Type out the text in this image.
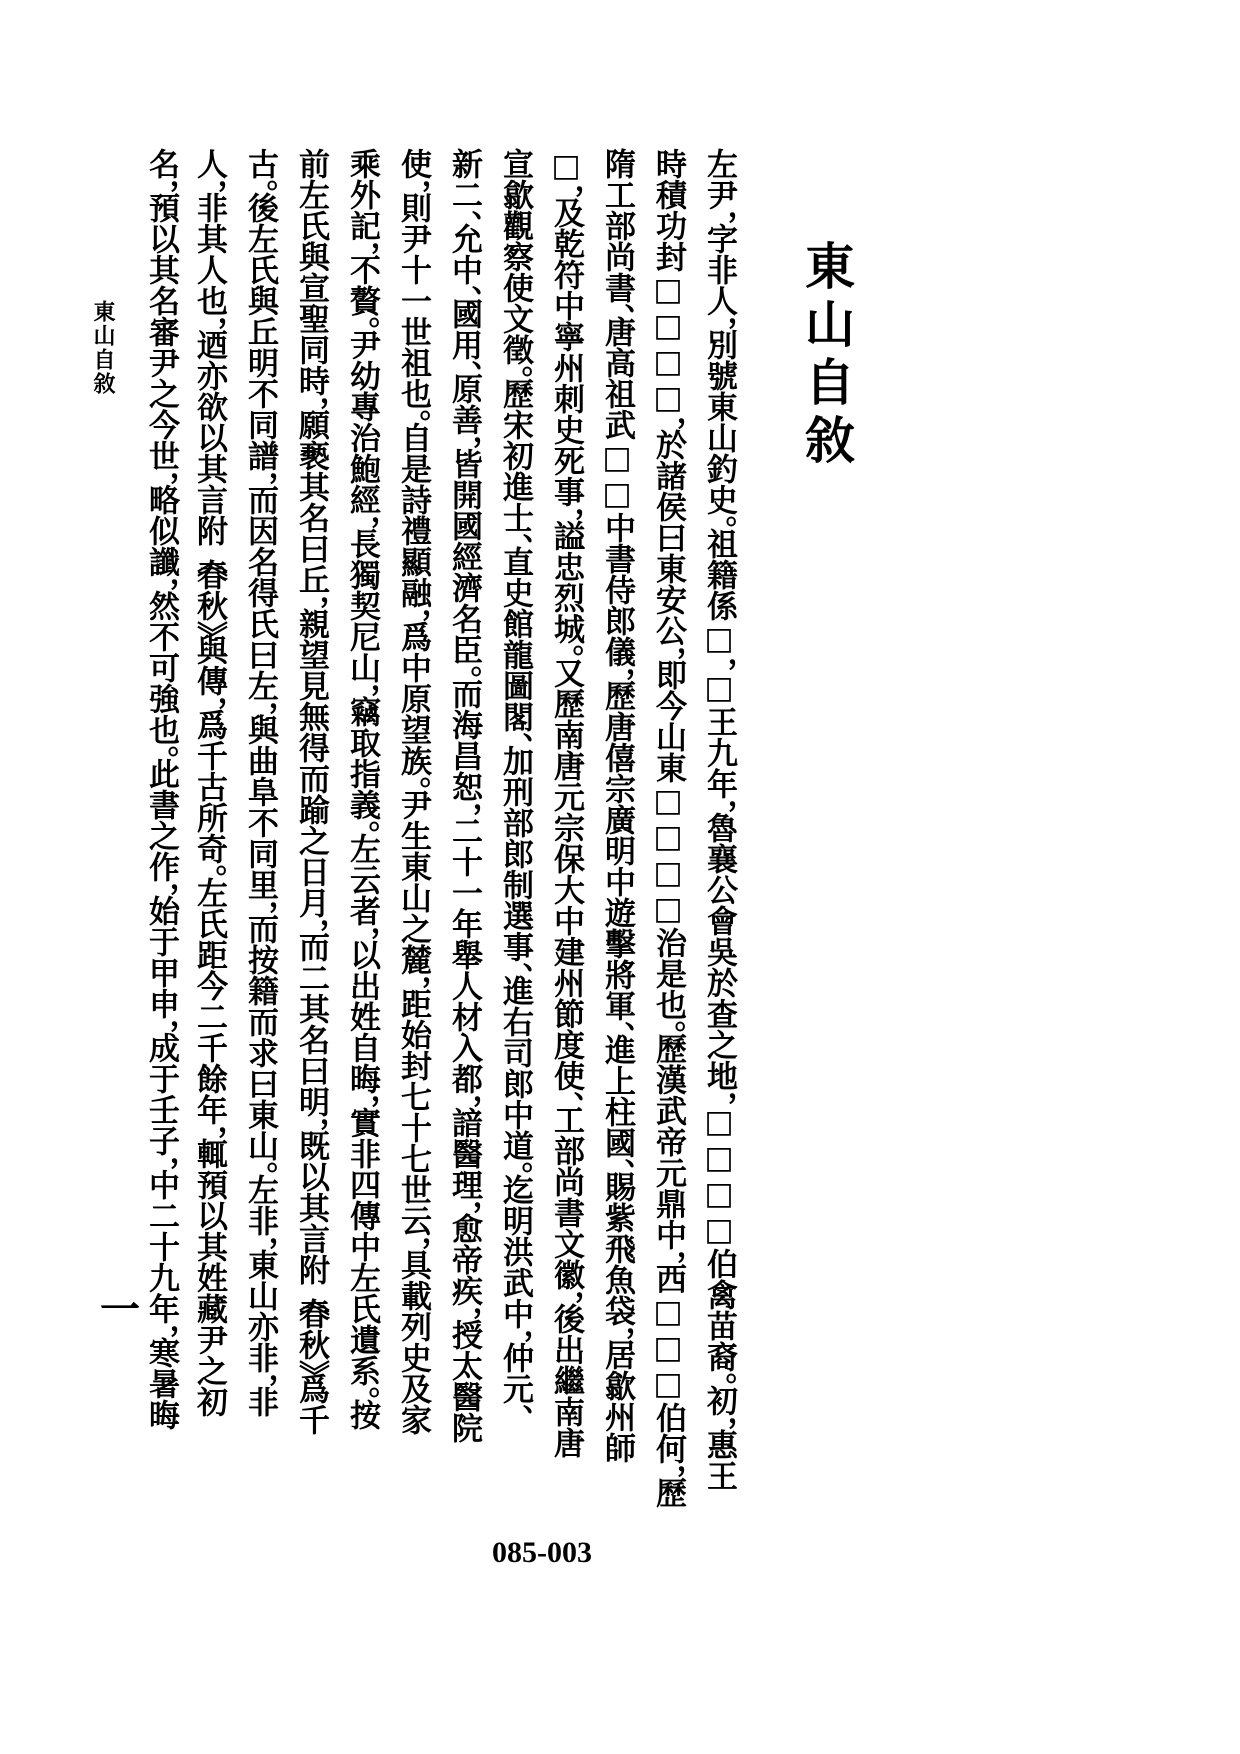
東山自敘
左尹，字非人，別號東山釣史。祖籍係□，□王九年，魯襄公會吳於查之地，□□□□伯禽苗裔。初，惠王
時積功封□□□□，於諸侯曰東安公，即今山東□□□□治是也。歷漢武帝元鼎中，西□□□伯何，歷
隋工部尚書、唐高祖武□□中書侍郎儀，歷唐僖宗廣明中遊擊將軍、進上柱國、賜紫飛魚袋，居歙州師
□，及乾符中寧州刺史死事，謚忠烈城。又歷南唐元宗保大中建州節度使、工部尚書文徽，後出繼南唐
宣歙觀察使文徵。歷宋初進士、直史館龍圖閣、加刑部郎制選事、進右司郎中道。迄明洪武中，仲元、
新二、允中、國用、原善，皆開國經濟名臣。而海昌恕，二十一年舉人材入都，諳醫理，愈帝疾，授太醫院
使，則尹十一世祖也。自是詩禮顯融，爲中原望族。尹生東山之麓，距始封七十七世云，具載列史及家
乘外記，不贅。尹幼專治鮑經，長獨契尼山，竊取指義。左云者，以出姓自晦，實非四傳中左氏遺系。按
前左氏與宣聖同時，願褻其名曰丘，親望見無得而踰之日月，而二其名曰明，既以其言附《春秋》爲千
古。後左氏與丘明不同譜，而因名得氏曰左，與曲阜不同里，而按籍而求曰東山。左非，東山亦非，非
人，非其人也，迺亦欲以其言附《春秋》與傳，爲千古所奇。左氏距今二千餘年，輒預以其姓藏尹之初
名，預以其名審尹之今世，略似讖，然不可強也。此書之作，始于甲申，成于壬子，中二十九年，寒暑晦
東山自敘
一
085-003
